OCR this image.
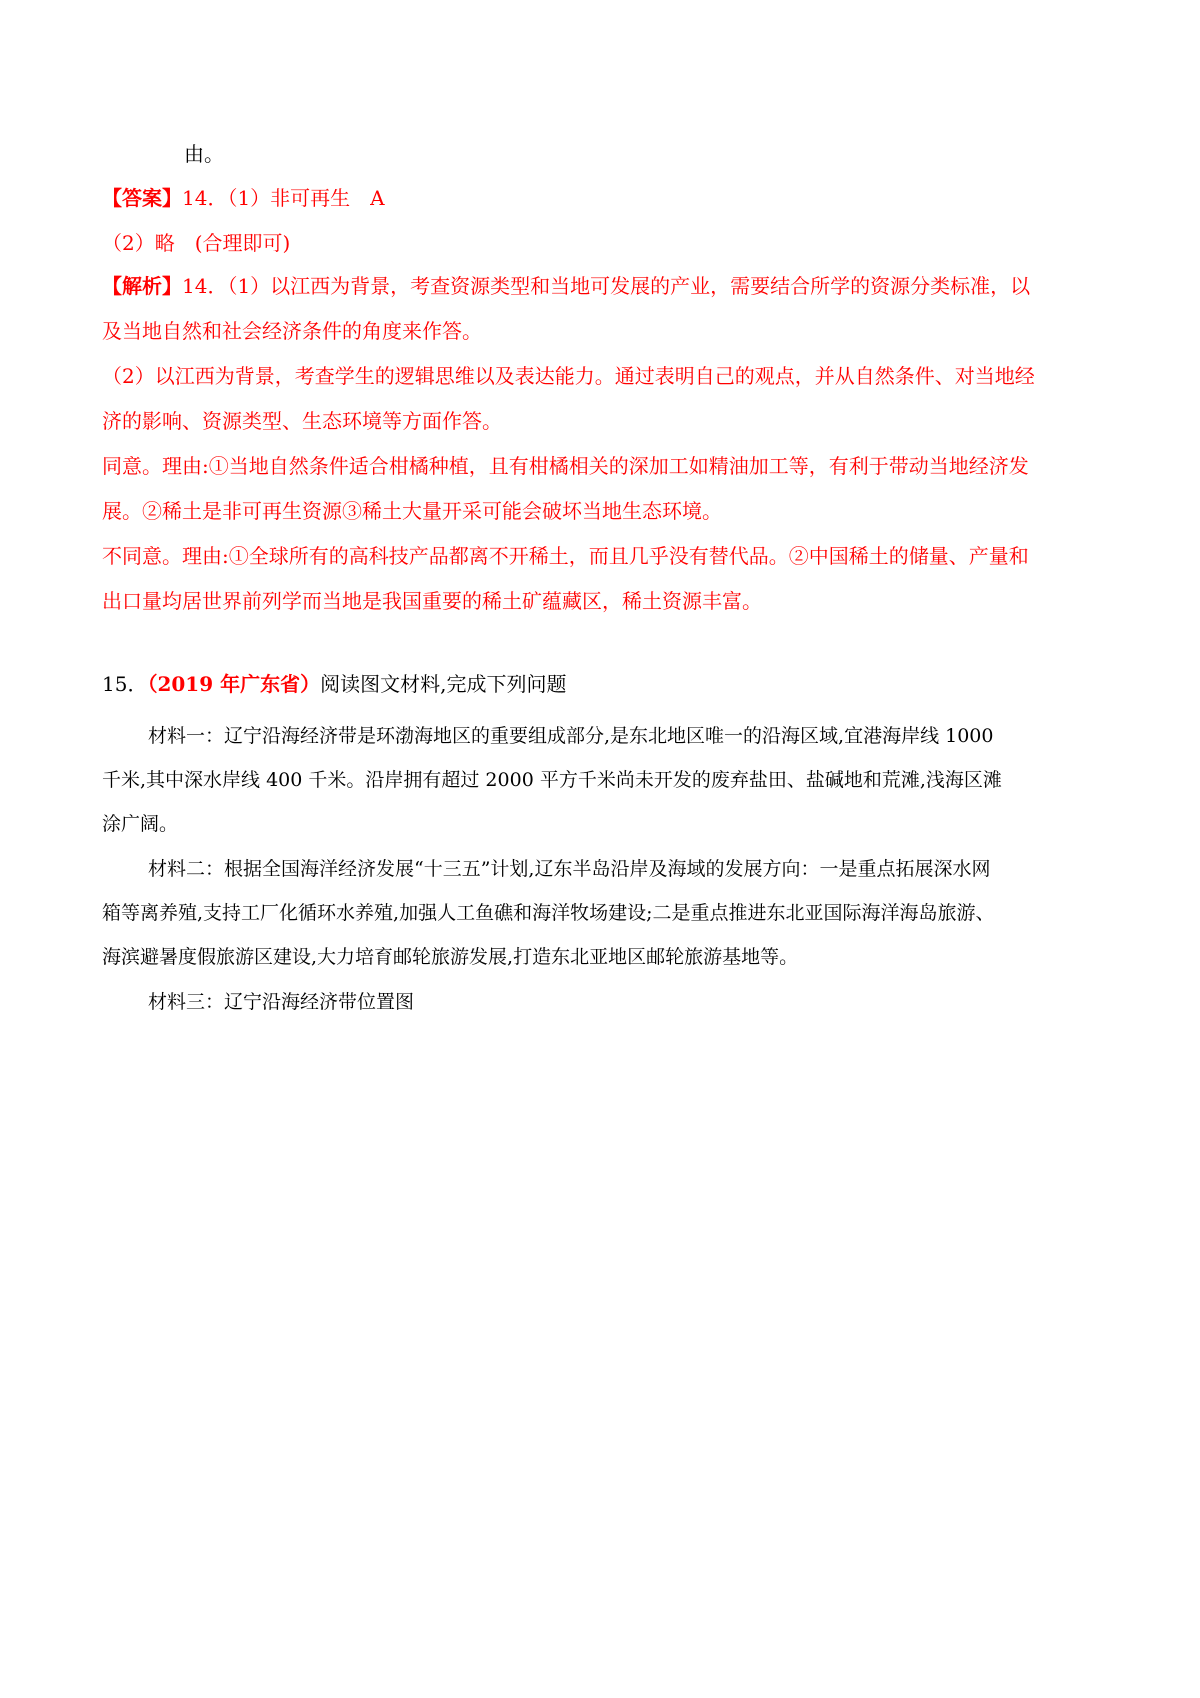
由。
【答案】14．（1）非可再生　A
（2）略　(合理即可)
【解析】14．（1）以江西为背景，考查资源类型和当地可发展的产业，需要结合所学的资源分类标准，以
及当地自然和社会经济条件的角度来作答。
（2）以江西为背景，考查学生的逻辑思维以及表达能力。通过表明自己的观点，并从自然条件、对当地经
济的影响、资源类型、生态环境等方面作答。
同意。理由:①当地自然条件适合柑橘种植，且有柑橘相关的深加工如精油加工等，有利于带动当地经济发
展。②稀土是非可再生资源③稀土大量开采可能会破坏当地生态环境。
不同意。理由:①全球所有的高科技产品都离不开稀土，而且几乎没有替代品。②中国稀土的储量、产量和
出口量均居世界前列学而当地是我国重要的稀土矿蕴藏区，稀土资源丰富。
15．（2019 年广东省）阅读图文材料,完成下列问题
材料一：辽宁沿海经济带是环渤海地区的重要组成部分,是东北地区唯一的沿海区域,宜港海岸线 1000
千米,其中深水岸线 400 千米。沿岸拥有超过 2000 平方千米尚未开发的废弃盐田、盐碱地和荒滩,浅海区滩
涂广阔。
材料二：根据全国海洋经济发展“十三五”计划,辽东半岛沿岸及海域的发展方向：一是重点拓展深水网
箱等离养殖,支持工厂化循环水养殖,加强人工鱼礁和海洋牧场建设;二是重点推进东北亚国际海洋海岛旅游、
海滨避暑度假旅游区建设,大力培育邮轮旅游发展,打造东北亚地区邮轮旅游基地等。
材料三：辽宁沿海经济带位置图
